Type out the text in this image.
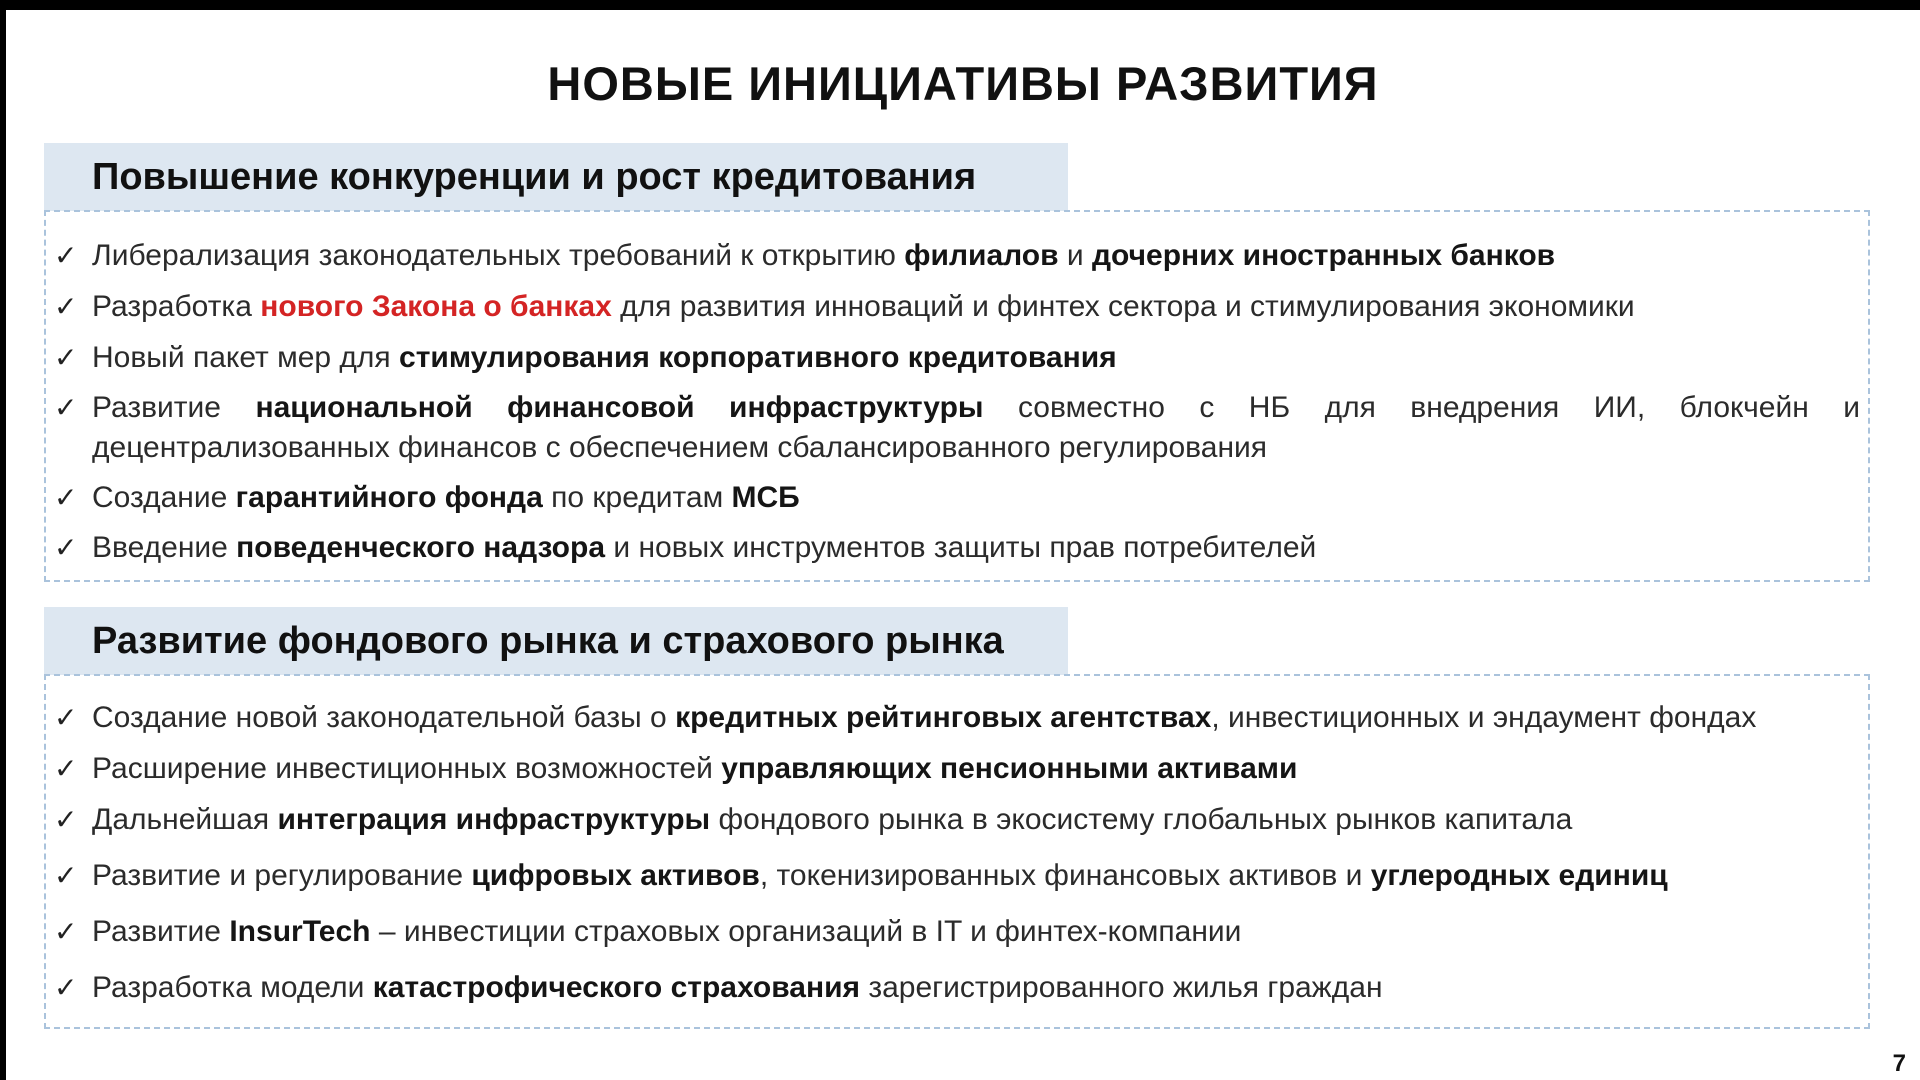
НОВЫЕ ИНИЦИАТИВЫ РАЗВИТИЯ
Повышение конкуренции и рост кредитования
✓ Либерализация законодательных требований к открытию филиалов и дочерних иностранных банков
✓ Разработка нового Закона о банках для развития инноваций и финтех сектора и стимулирования экономики
✓ Новый пакет мер для стимулирования корпоративного кредитования
✓ Развитие национальной финансовой инфраструктуры совместно с НБ для внедрения ИИ, блокчейн и децентрализованных финансов с обеспечением сбалансированного регулирования
✓ Создание гарантийного фонда по кредитам МСБ
✓ Введение поведенческого надзора и новых инструментов защиты прав потребителей
Развитие фондового рынка и страхового рынка
✓ Создание новой законодательной базы о кредитных рейтинговых агентствах, инвестиционных и эндаумент фондах
✓ Расширение инвестиционных возможностей управляющих пенсионными активами
✓ Дальнейшая интеграция инфраструктуры фондового рынка в экосистему глобальных рынков капитала
✓ Развитие и регулирование цифровых активов, токенизированных финансовых активов и углеродных единиц
✓ Развитие InsurTech – инвестиции страховых организаций в IT и финтех-компании
✓ Разработка модели катастрофического страхования зарегистрированного жилья граждан
7
